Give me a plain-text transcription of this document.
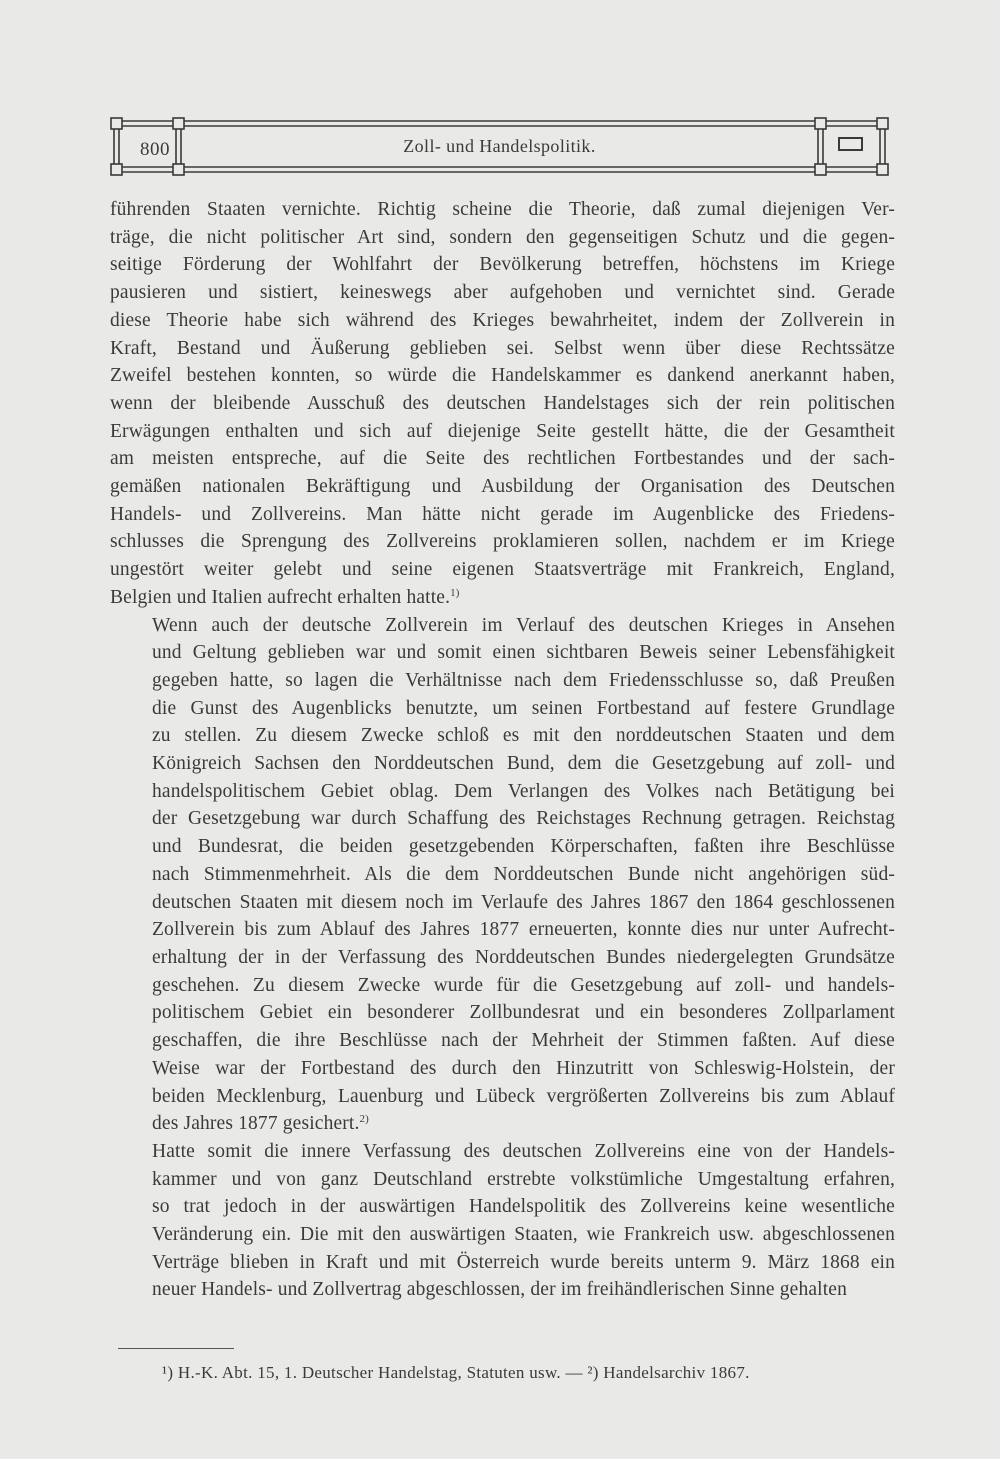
800	Zoll- und Handelspolitik.

führenden Staaten vernichte. Richtig scheine die Theorie, daß zumal diejenigen Ver-
träge, die nicht politischer Art sind, sondern den gegenseitigen Schutz und die gegen-
seitige Förderung der Wohlfahrt der Bevölkerung betreffen, höchstens im Kriege
pausieren und sistiert, keineswegs aber aufgehoben und vernichtet sind. Gerade
diese Theorie habe sich während des Krieges bewahrheitet, indem der Zollverein in
Kraft, Bestand und Äußerung geblieben sei. Selbst wenn über diese Rechtssätze
Zweifel bestehen konnten, so würde die Handelskammer es dankend anerkannt haben,
wenn der bleibende Ausschuß des deutschen Handelstages sich der rein politischen
Erwägungen enthalten und sich auf diejenige Seite gestellt hätte, die der Gesamtheit
am meisten entspreche, auf die Seite des rechtlichen Fortbestandes und der sach-
gemäßen nationalen Bekräftigung und Ausbildung der Organisation des Deutschen
Handels- und Zollvereins. Man hätte nicht gerade im Augenblicke des Friedens-
schlusses die Sprengung des Zollvereins proklamieren sollen, nachdem er im Kriege
ungestört weiter gelebt und seine eigenen Staatsverträge mit Frankreich, England,
Belgien und Italien aufrecht erhalten hatte.$^{1)}$

Wenn auch der deutsche Zollverein im Verlauf des deutschen Krieges in Ansehen
und Geltung geblieben war und somit einen sichtbaren Beweis seiner Lebensfähigkeit
gegeben hatte, so lagen die Verhältnisse nach dem Friedensschlusse so, daß Preußen
die Gunst des Augenblicks benutzte, um seinen Fortbestand auf festere Grundlage
zu stellen. Zu diesem Zwecke schloß es mit den norddeutschen Staaten und dem
Königreich Sachsen den Norddeutschen Bund, dem die Gesetzgebung auf zoll- und
handelspolitischem Gebiet oblag. Dem Verlangen des Volkes nach Betätigung bei
der Gesetzgebung war durch Schaffung des Reichstages Rechnung getragen. Reichstag
und Bundesrat, die beiden gesetzgebenden Körperschaften, faßten ihre Beschlüsse
nach Stimmenmehrheit. Als die dem Norddeutschen Bunde nicht angehörigen süd-
deutschen Staaten mit diesem noch im Verlaufe des Jahres 1867 den 1864 geschlossenen
Zollverein bis zum Ablauf des Jahres 1877 erneuerten, konnte dies nur unter Aufrecht-
erhaltung der in der Verfassung des Norddeutschen Bundes niedergelegten Grundsätze
geschehen. Zu diesem Zwecke wurde für die Gesetzgebung auf zoll- und handels-
politischem Gebiet ein besonderer Zollbundesrat und ein besonderes Zollparlament
geschaffen, die ihre Beschlüsse nach der Mehrheit der Stimmen faßten. Auf diese
Weise war der Fortbestand des durch den Hinzutritt von Schleswig-Holstein, der
beiden Mecklenburg, Lauenburg und Lübeck vergrößerten Zollvereins bis zum Ablauf
des Jahres 1877 gesichert.$^{2)}$

Hatte somit die innere Verfassung des deutschen Zollvereins eine von der Handels-
kammer und von ganz Deutschland erstrebte volkstümliche Umgestaltung erfahren,
so trat jedoch in der auswärtigen Handelspolitik des Zollvereins keine wesentliche
Veränderung ein. Die mit den auswärtigen Staaten, wie Frankreich usw. abgeschlossenen
Verträge blieben in Kraft und mit Österreich wurde bereits unterm 9. März 1868 ein
neuer Handels- und Zollvertrag abgeschlossen, der im freihändlerischen Sinne gehalten

¹) H.-K. Abt. 15, 1. Deutscher Handelstag, Statuten usw. — ²) Handelsarchiv 1867.
